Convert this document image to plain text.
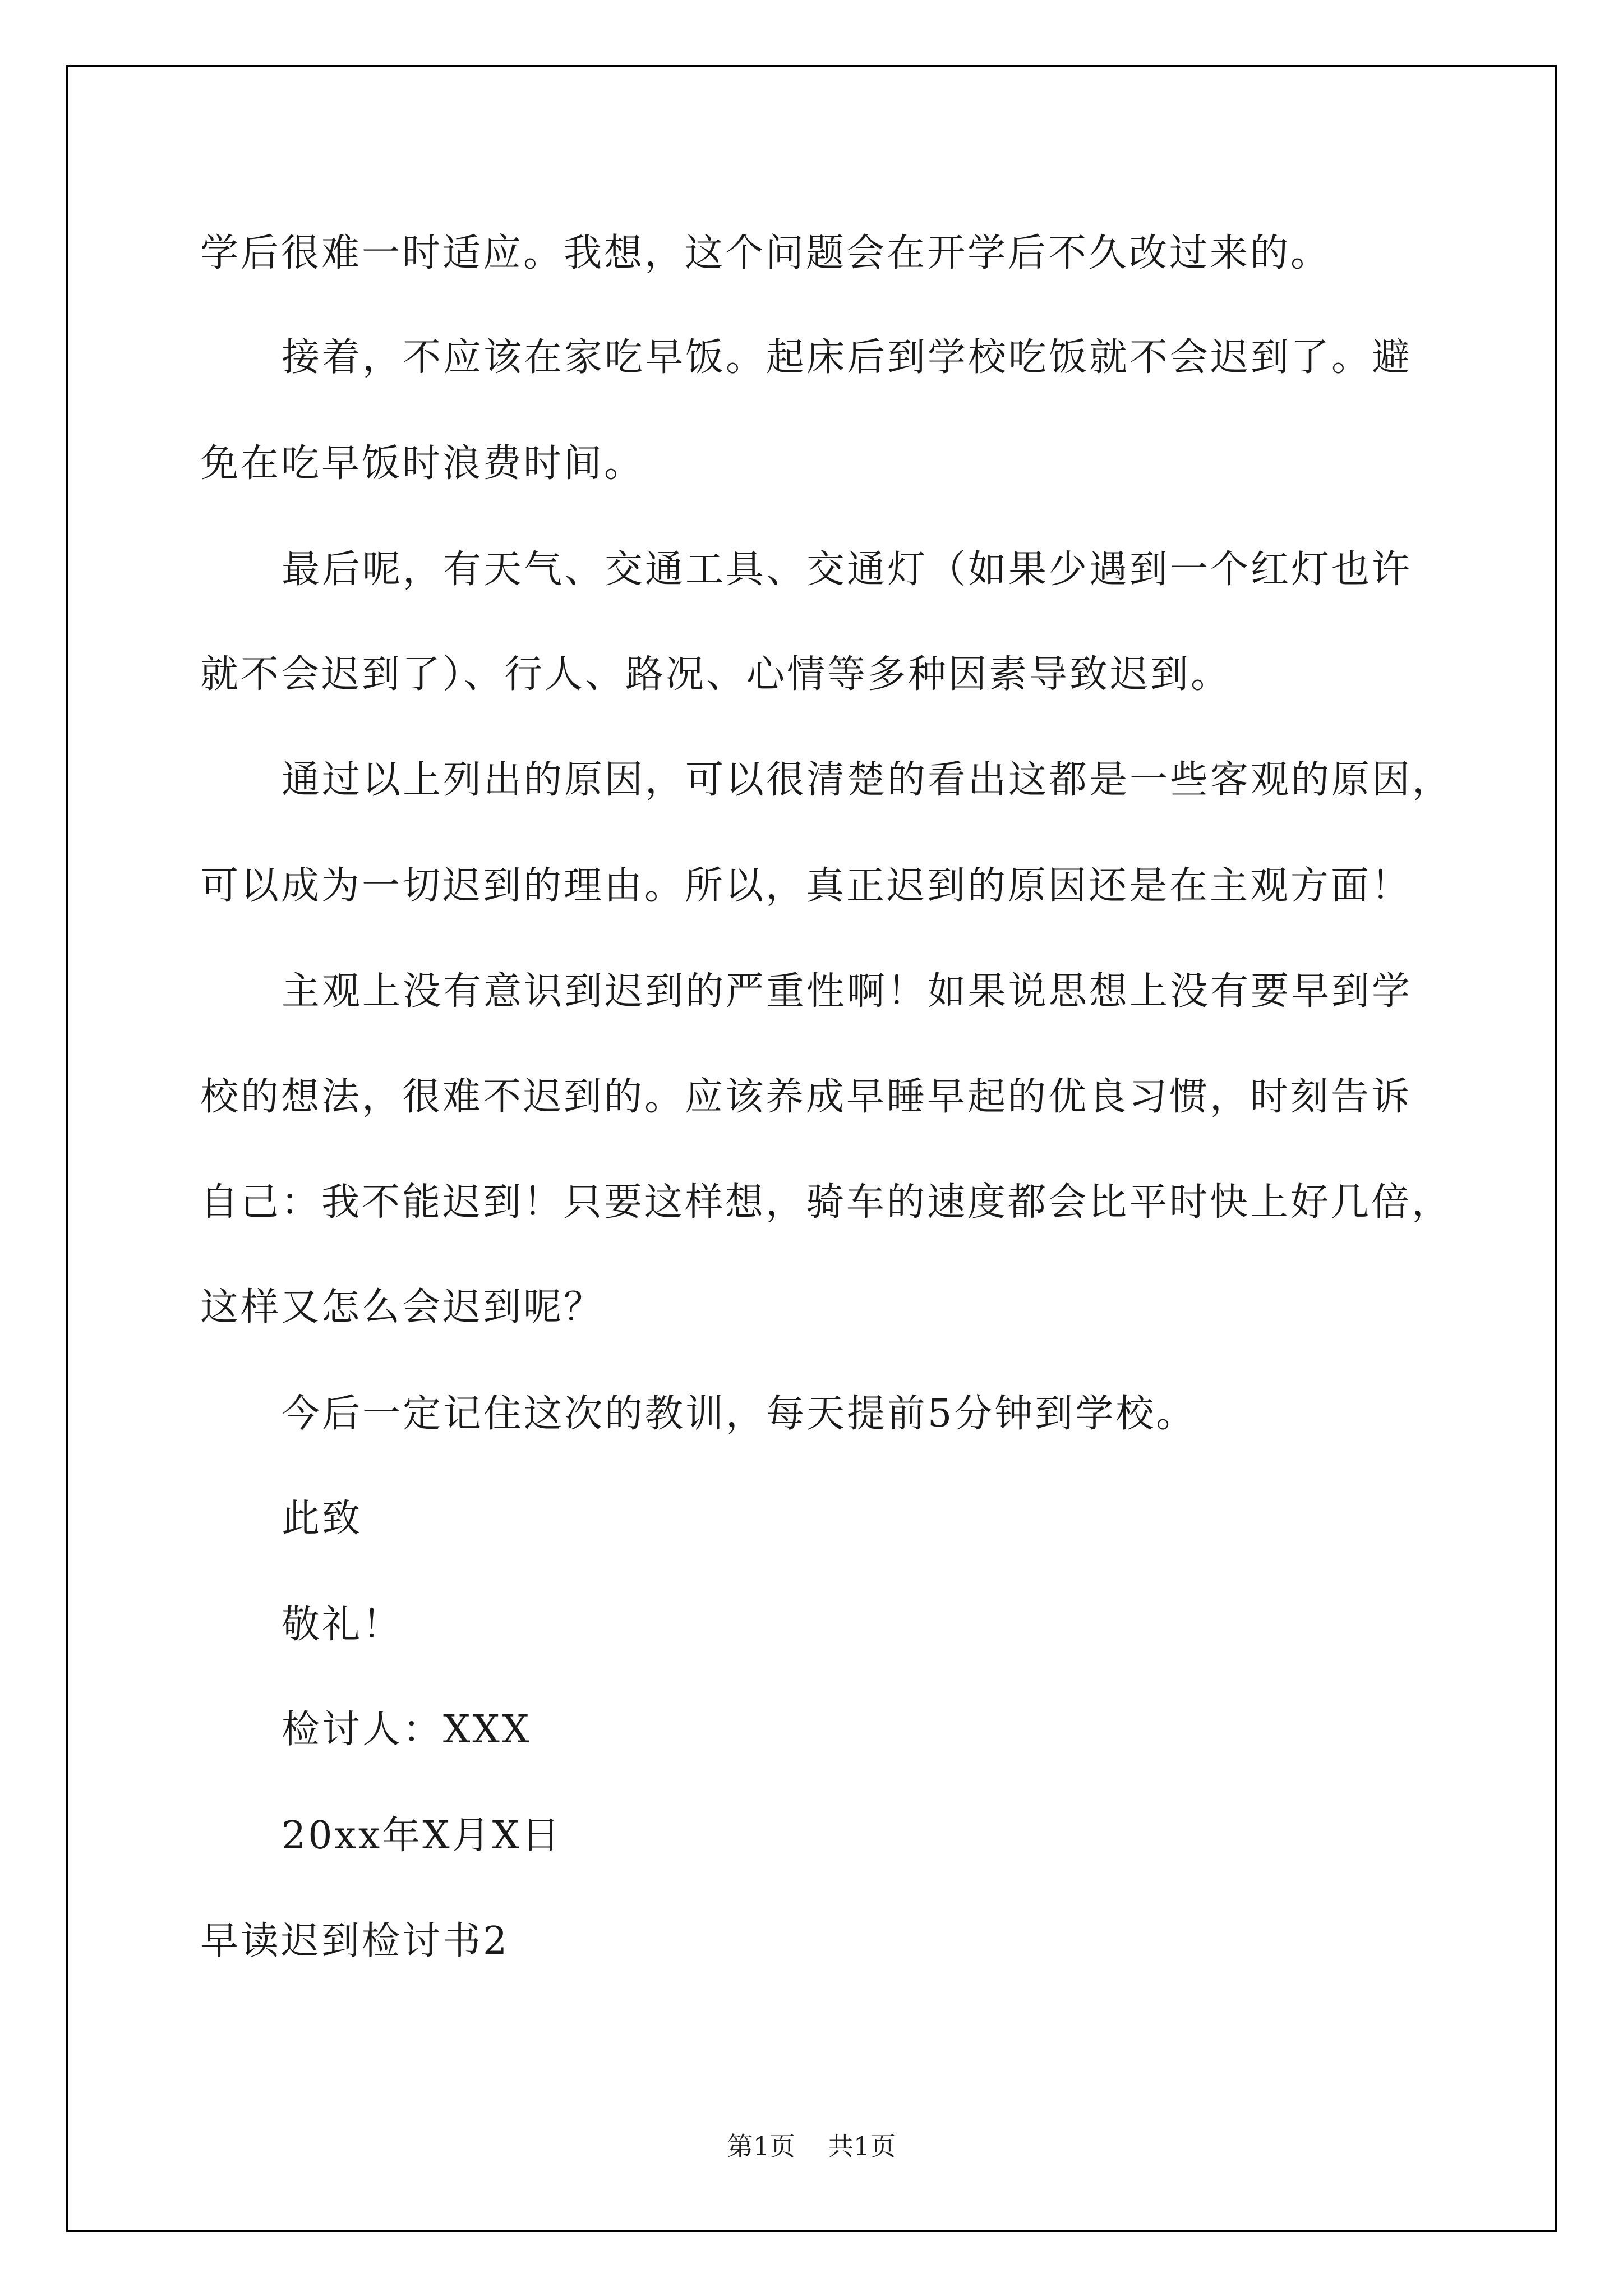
学后很难一时适应。我想，这个问题会在开学后不久改过来的。
接着，不应该在家吃早饭。起床后到学校吃饭就不会迟到了。避
免在吃早饭时浪费时间。
最后呢，有天气、交通工具、交通灯（如果少遇到一个红灯也许
就不会迟到了）、行人、路况、心情等多种因素导致迟到。
通过以上列出的原因，可以很清楚的看出这都是一些客观的原因，
可以成为一切迟到的理由。所以，真正迟到的原因还是在主观方面！
主观上没有意识到迟到的严重性啊！如果说思想上没有要早到学
校的想法，很难不迟到的。应该养成早睡早起的优良习惯，时刻告诉
自己：我不能迟到！只要这样想，骑车的速度都会比平时快上好几倍，
这样又怎么会迟到呢？
今后一定记住这次的教训，每天提前5分钟到学校。
此致
敬礼！
检讨人：XXX
20xx年X月X日
早读迟到检讨书2
第1页 共1页
